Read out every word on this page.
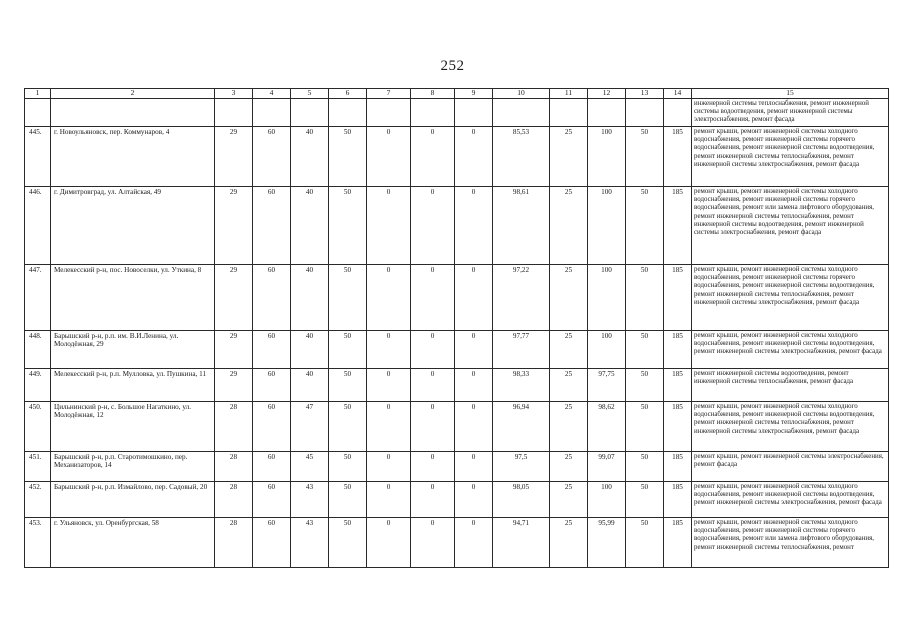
252
1	2	3	4	5	6	7	8	9	10	11	12	13	14	15
														инженерной системы теплоснабжения, ремонт инженерной системы водоотведения, ремонт инженерной системы электроснабжения, ремонт фасада
445.	г. Новоульяновск, пер. Коммунаров, 4	29	60	40	50	0	0	0	85,53	25	100	50	185	ремонт крыши, ремонт инженерной системы холодного водоснабжения, ремонт инженерной системы горячего водоснабжения, ремонт инженерной системы водоотведения, ремонт инженерной системы теплоснабжения, ремонт инженерной системы электроснабжения, ремонт фасада
446.	г. Димитровград, ул. Алтайская, 49	29	60	40	50	0	0	0	98,61	25	100	50	185	ремонт крыши, ремонт инженерной системы холодного водоснабжения, ремонт инженерной системы горячего водоснабжения, ремонт или замена лифтового оборудования, ремонт инженерной системы теплоснабжения, ремонт инженерной системы водоотведения, ремонт инженерной системы электроснабжения, ремонт фасада
447.	Мелекесский р-н, пос. Новоселки, ул. Уткина, 8	29	60	40	50	0	0	0	97,22	25	100	50	185	ремонт крыши, ремонт инженерной системы холодного водоснабжения, ремонт инженерной системы горячего водоснабжения, ремонт инженерной системы водоотведения, ремонт инженерной системы теплоснабжения, ремонт инженерной системы электроснабжения, ремонт фасада
448.	Барышский р-н, р.п. им. В.И.Ленина, ул. Молодёжная, 29	29	60	40	50	0	0	0	97,77	25	100	50	185	ремонт крыши, ремонт инженерной системы холодного водоснабжения, ремонт инженерной системы водоотведения, ремонт инженерной системы электроснабжения, ремонт фасада
449.	Мелекесский р-н, р.п. Мулловка, ул. Пушкина, 11	29	60	40	50	0	0	0	98,33	25	97,75	50	185	ремонт инженерной системы водоотведения, ремонт инженерной системы теплоснабжения, ремонт фасада
450.	Цильнинский р-н, с. Большое Нагаткино, ул. Молодёжная, 12	28	60	47	50	0	0	0	96,94	25	98,62	50	185	ремонт крыши, ремонт инженерной системы холодного водоснабжения, ремонт инженерной системы водоотведения, ремонт инженерной системы теплоснабжения, ремонт инженерной системы электроснабжения, ремонт фасада
451.	Барышский р-н, р.п. Старотимошкино, пер. Механизаторов, 14	28	60	45	50	0	0	0	97,5	25	99,07	50	185	ремонт крыши, ремонт инженерной системы электроснабжения, ремонт фасада
452.	Барышский р-н, р.п. Измайлово, пер. Садовый, 20	28	60	43	50	0	0	0	98,05	25	100	50	185	ремонт крыши, ремонт инженерной системы холодного водоснабжения, ремонт инженерной системы водоотведения, ремонт инженерной системы электроснабжения, ремонт фасада
453.	г. Ульяновск, ул. Оренбургская, 58	28	60	43	50	0	0	0	94,71	25	95,99	50	185	ремонт крыши, ремонт инженерной системы холодного водоснабжения, ремонт инженерной системы горячего водоснабжения, ремонт или замена лифтового оборудования, ремонт инженерной системы теплоснабжения, ремонт
